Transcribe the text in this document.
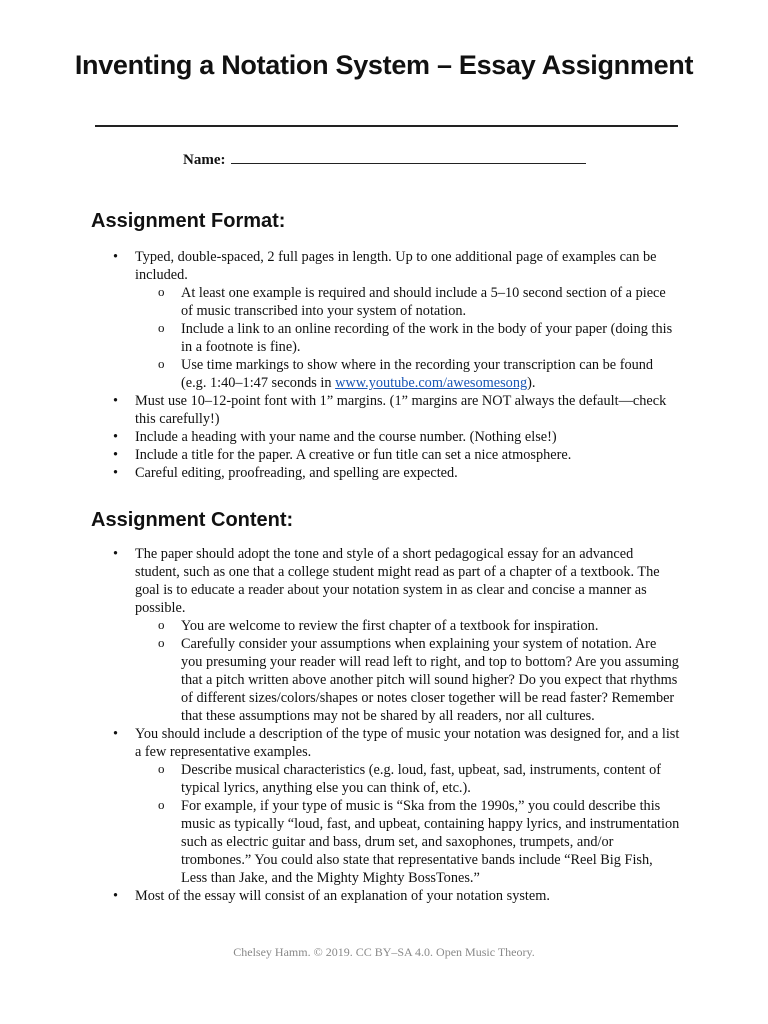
Inventing a Notation System – Essay Assignment
Name:
Assignment Format:
• Typed, double-spaced, 2 full pages in length. Up to one additional page of examples can be included.
o At least one example is required and should include a 5–10 second section of a piece of music transcribed into your system of notation.
o Include a link to an online recording of the work in the body of your paper (doing this in a footnote is fine).
o Use time markings to show where in the recording your transcription can be found (e.g. 1:40–1:47 seconds in www.youtube.com/awesomesong).
• Must use 10–12-point font with 1” margins. (1” margins are NOT always the default—check this carefully!)
• Include a heading with your name and the course number. (Nothing else!)
• Include a title for the paper. A creative or fun title can set a nice atmosphere.
• Careful editing, proofreading, and spelling are expected.
Assignment Content:
• The paper should adopt the tone and style of a short pedagogical essay for an advanced student, such as one that a college student might read as part of a chapter of a textbook. The goal is to educate a reader about your notation system in as clear and concise a manner as possible.
o You are welcome to review the first chapter of a textbook for inspiration.
o Carefully consider your assumptions when explaining your system of notation. Are you presuming your reader will read left to right, and top to bottom? Are you assuming that a pitch written above another pitch will sound higher? Do you expect that rhythms of different sizes/colors/shapes or notes closer together will be read faster? Remember that these assumptions may not be shared by all readers, nor all cultures.
• You should include a description of the type of music your notation was designed for, and a list a few representative examples.
o Describe musical characteristics (e.g. loud, fast, upbeat, sad, instruments, content of typical lyrics, anything else you can think of, etc.).
o For example, if your type of music is “Ska from the 1990s,” you could describe this music as typically “loud, fast, and upbeat, containing happy lyrics, and instrumentation such as electric guitar and bass, drum set, and saxophones, trumpets, and/or trombones.” You could also state that representative bands include “Reel Big Fish, Less than Jake, and the Mighty Mighty BossTones.”
• Most of the essay will consist of an explanation of your notation system.
Chelsey Hamm. © 2019. CC BY–SA 4.0. Open Music Theory.
